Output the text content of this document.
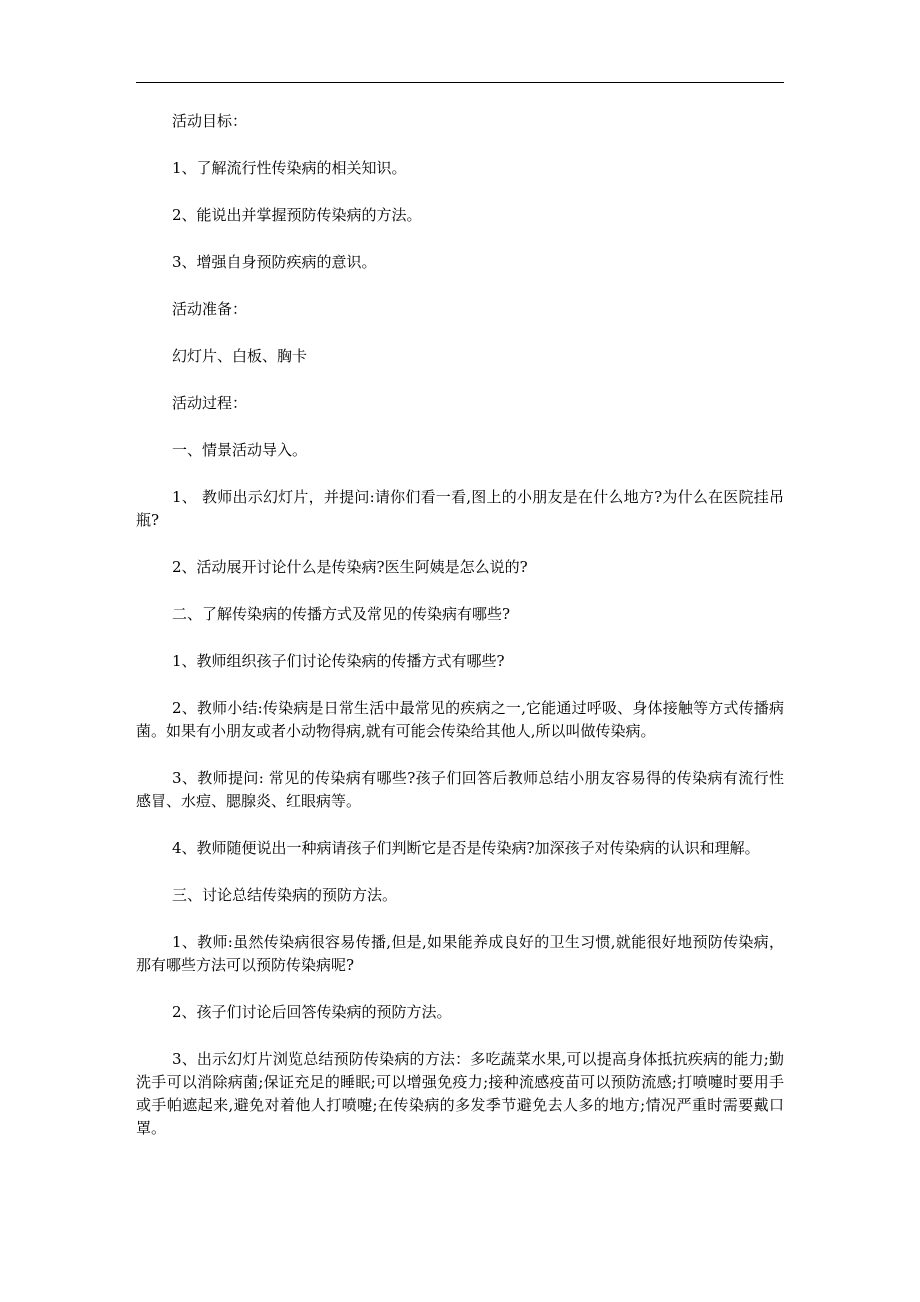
活动目标：

1、了解流行性传染病的相关知识。

2、能说出并掌握预防传染病的方法。

3、增强自身预防疾病的意识。

活动准备：

幻灯片、白板、胸卡

活动过程：

一、情景活动导入。

1、 教师出示幻灯片，并提问:请你们看一看,图上的小朋友是在什么地方?为什么在医院挂吊瓶?

2、活动展开讨论什么是传染病?医生阿姨是怎么说的?

二、了解传染病的传播方式及常见的传染病有哪些?

1、教师组织孩子们讨论传染病的传播方式有哪些?

2、教师小结:传染病是日常生活中最常见的疾病之一,它能通过呼吸、身体接触等方式传播病菌。如果有小朋友或者小动物得病,就有可能会传染给其他人,所以叫做传染病。

3、教师提问: 常见的传染病有哪些?孩子们回答后教师总结小朋友容易得的传染病有流行性感冒、水痘、腮腺炎、红眼病等。

4、教师随便说出一种病请孩子们判断它是否是传染病?加深孩子对传染病的认识和理解。

三、讨论总结传染病的预防方法。

1、教师:虽然传染病很容易传播,但是,如果能养成良好的卫生习惯,就能很好地预防传染病，那有哪些方法可以预防传染病呢?

2、孩子们讨论后回答传染病的预防方法。

3、出示幻灯片浏览总结预防传染病的方法：多吃蔬菜水果,可以提高身体抵抗疾病的能力;勤洗手可以消除病菌;保证充足的睡眠;可以增强免疫力;接种流感疫苗可以预防流感;打喷嚏时要用手或手帕遮起来,避免对着他人打喷嚏;在传染病的多发季节避免去人多的地方;情况严重时需要戴口罩。
